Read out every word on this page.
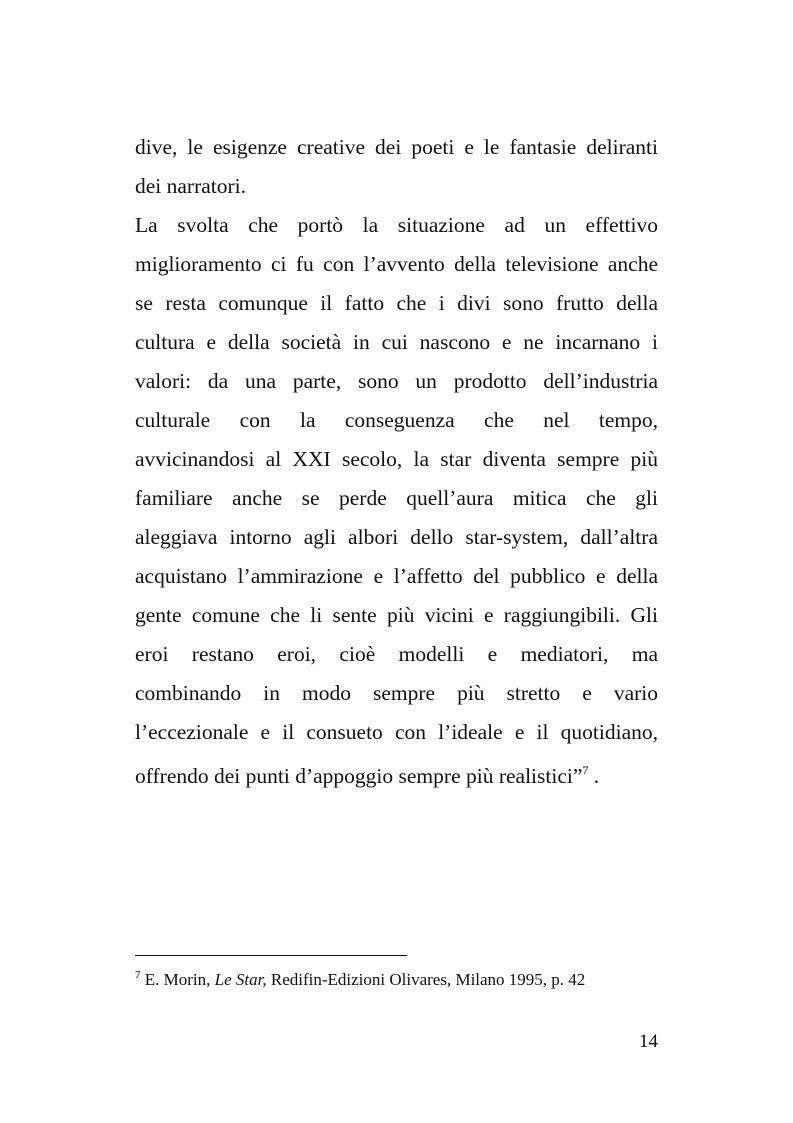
dive, le esigenze creative dei poeti e le fantasie deliranti
dei narratori.
La svolta che portò la situazione ad un effettivo
miglioramento ci fu con l’avvento della televisione anche
se resta comunque il fatto che i divi sono frutto della
cultura e della società in cui nascono e ne incarnano i
valori: da una parte, sono un prodotto dell’industria
culturale con la conseguenza che nel tempo,
avvicinandosi al XXI secolo, la star diventa sempre più
familiare anche se perde quell’aura mitica che gli
aleggiava intorno agli albori dello star-system, dall’altra
acquistano l’ammirazione e l’affetto del pubblico e della
gente comune che li sente più vicini e raggiungibili. Gli
eroi restano eroi, cioè modelli e mediatori, ma
combinando in modo sempre più stretto e vario
l’eccezionale e il consueto con l’ideale e il quotidiano,
offrendo dei punti d’appoggio sempre più realistici”$^7$ .
$^7$ E. Morin, Le Star, Redifin-Edizioni Olivares, Milano 1995, p. 42
14
